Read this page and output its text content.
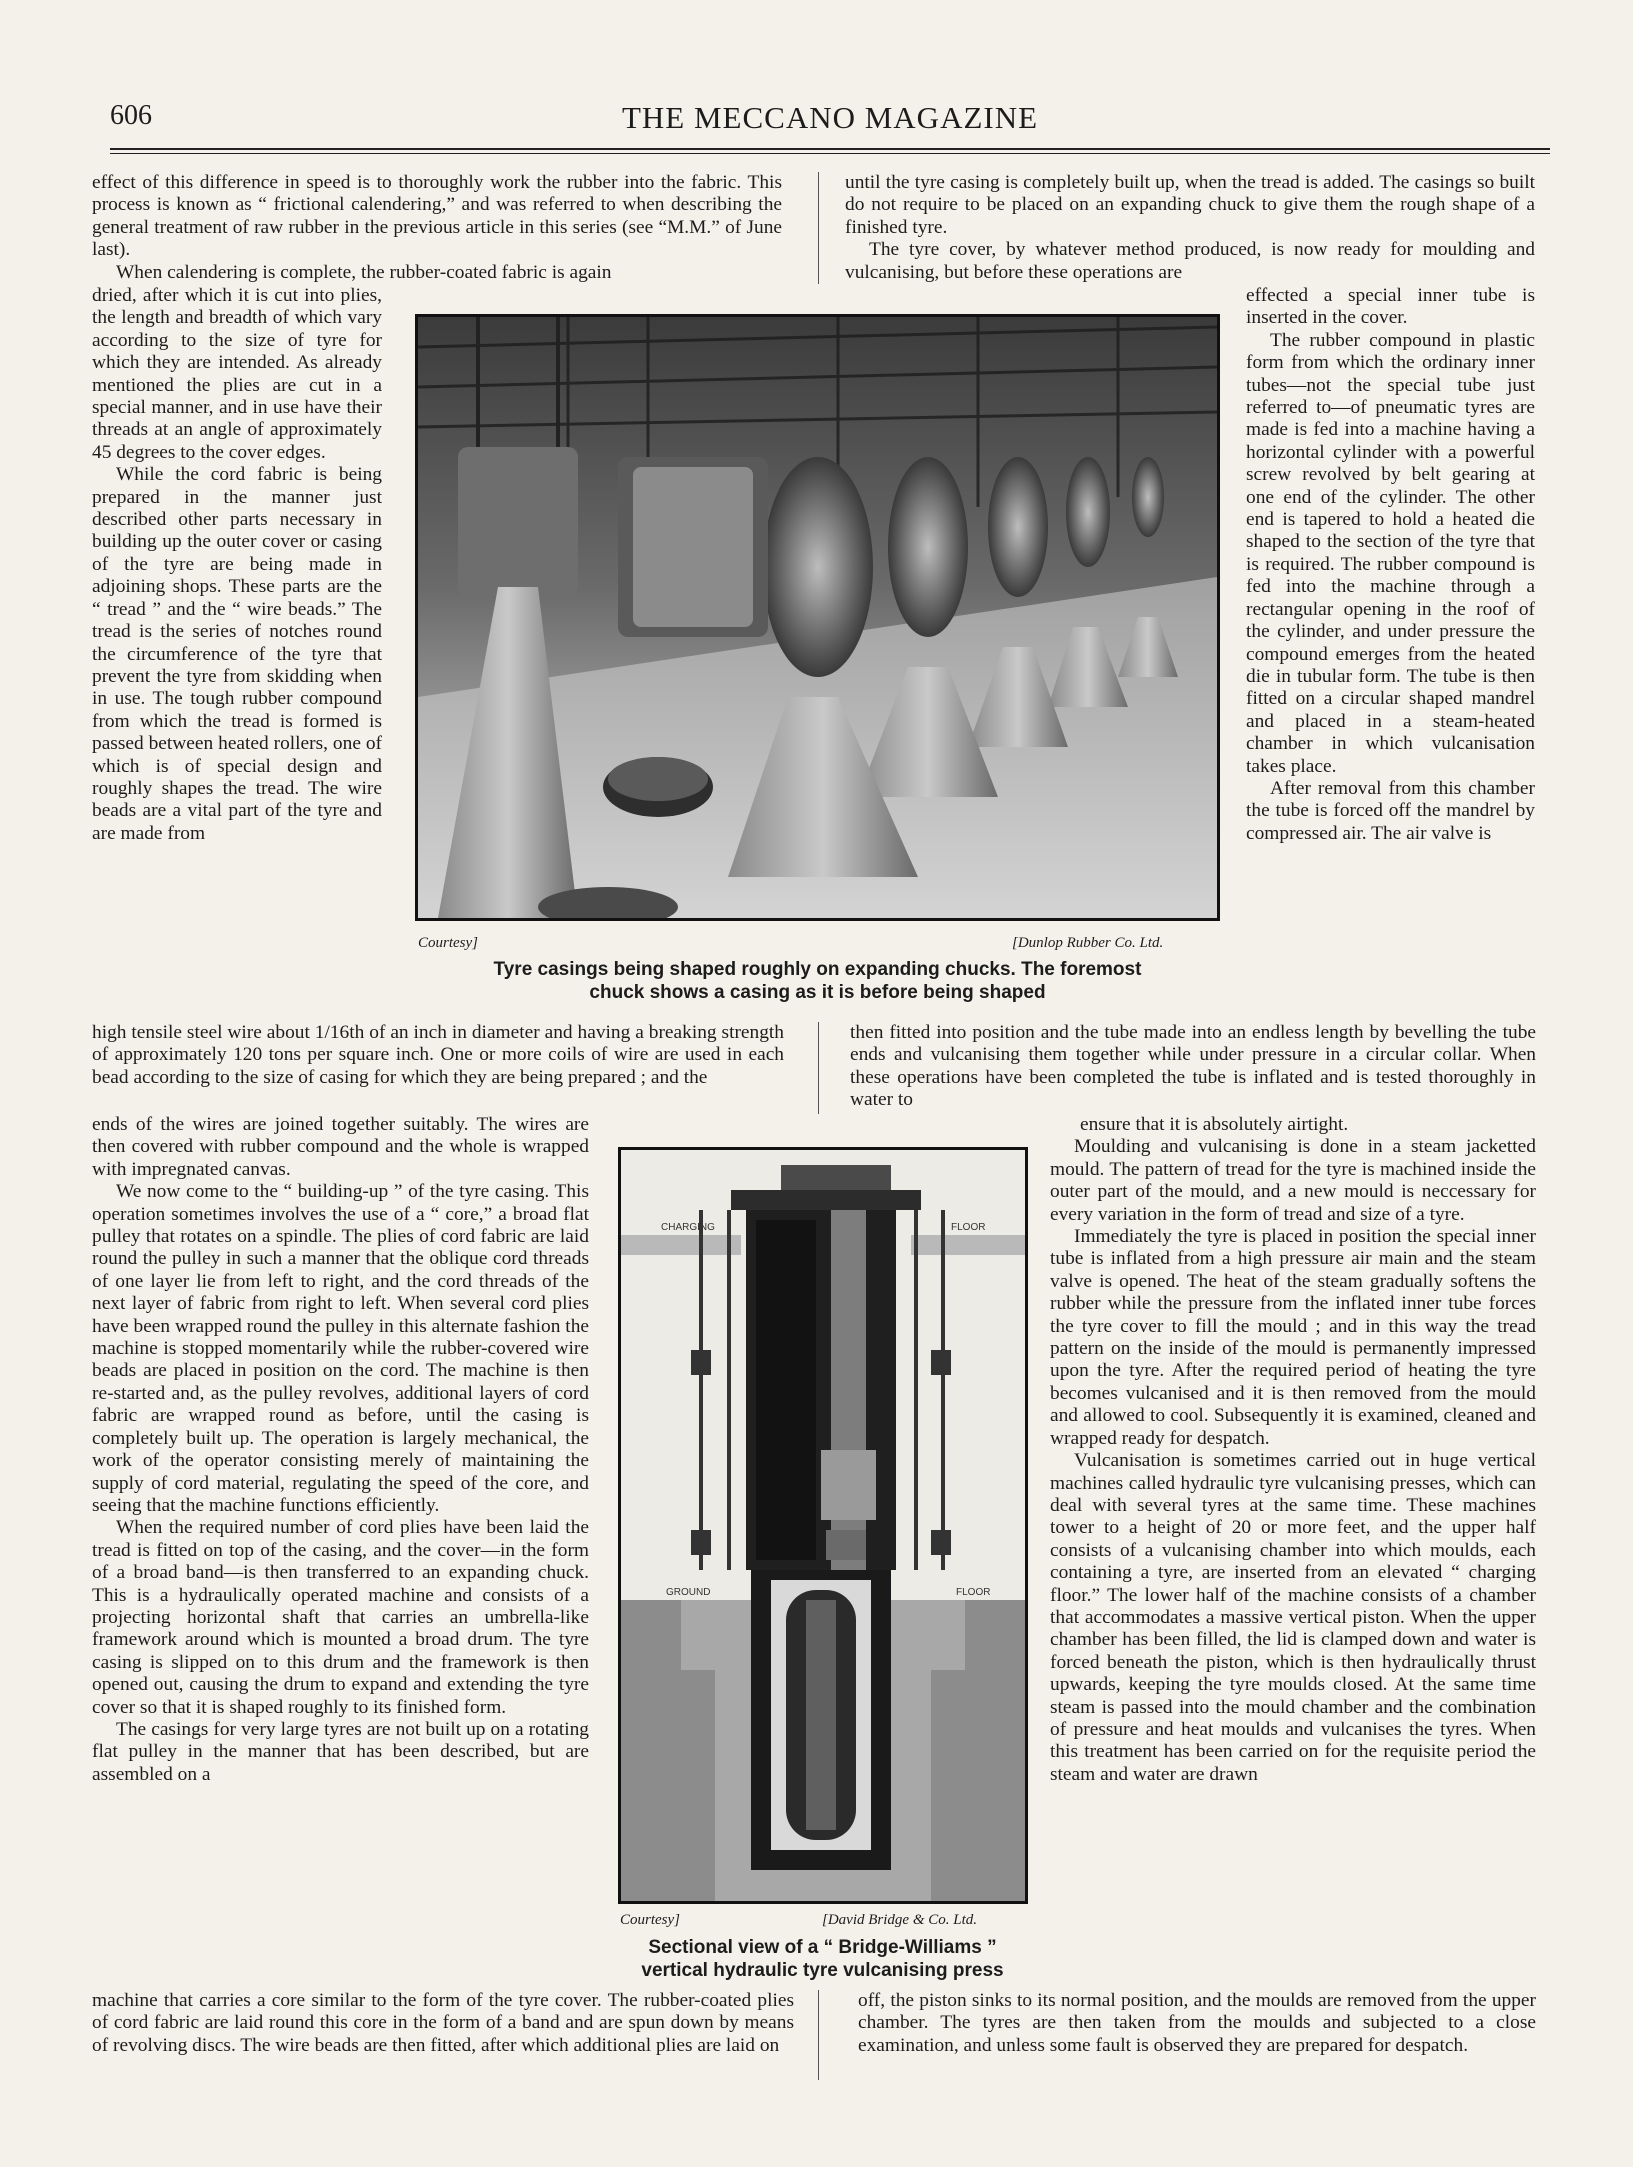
606	THE MECCANO MAGAZINE

effect of this difference in speed is to thoroughly work the rubber into the fabric. This process is known as “ frictional calendering,” and was referred to when describing the general treatment of raw rubber in the previous article in this series (see “M.M.” of June last).

When calendering is complete, the rubber-coated fabric is again

dried, after which it is cut into plies, the length and breadth of which vary according to the size of tyre for which they are intended. As already mentioned the plies are cut in a special manner, and in use have their threads at an angle of approximately 45 degrees to the cover edges.

While the cord fabric is being prepared in the manner just described other parts necessary in building up the outer cover or casing of the tyre are being made in adjoining shops. These parts are the “ tread ” and the “ wire beads.” The tread is the series of notches round the circumference of the tyre that prevent the tyre from skidding when in use. The tough rubber compound from which the tread is formed is passed between heated rollers, one of which is of special design and roughly shapes the tread. The wire beads are a vital part of the tyre and are made from

high tensile steel wire about 1/16th of an inch in diameter and having a breaking strength of approximately 120 tons per square inch. One or more coils of wire are used in each bead according to the size of casing for which they are being prepared ; and the

ends of the wires are joined together suitably. The wires are then covered with rubber compound and the whole is wrapped with impregnated canvas.

We now come to the “ building-up ” of the tyre casing. This operation sometimes involves the use of a “ core,” a broad flat pulley that rotates on a spindle. The plies of cord fabric are laid round the pulley in such a manner that the oblique cord threads of one layer lie from left to right, and the cord threads of the next layer of fabric from right to left. When several cord plies have been wrapped round the pulley in this alternate fashion the machine is stopped momentarily while the rubber-covered wire beads are placed in position on the cord. The machine is then re-started and, as the pulley revolves, additional layers of cord fabric are wrapped round as before, until the casing is completely built up. The operation is largely mechanical, the work of the operator consisting merely of maintaining the supply of cord material, regulating the speed of the core, and seeing that the machine functions efficiently.

When the required number of cord plies have been laid the tread is fitted on top of the casing, and the cover—in the form of a broad band—is then transferred to an expanding chuck. This is a hydraulically operated machine and consists of a projecting horizontal shaft that carries an umbrella-like framework around which is mounted a broad drum. The tyre casing is slipped on to this drum and the framework is then opened out, causing the drum to expand and extending the tyre cover so that it is shaped roughly to its finished form.

The casings for very large tyres are not built up on a rotating flat pulley in the manner that has been described, but are assembled on a

machine that carries a core similar to the form of the tyre cover. The rubber-coated plies of cord fabric are laid round this core in the form of a band and are spun down by means of revolving discs. The wire beads are then fitted, after which additional plies are laid on

until the tyre casing is completely built up, when the tread is added. The casings so built do not require to be placed on an expanding chuck to give them the rough shape of a finished tyre.

The tyre cover, by whatever method produced, is now ready for moulding and vulcanising, but before these operations are

effected a special inner tube is inserted in the cover.

The rubber compound in plastic form from which the ordinary inner tubes—not the special tube just referred to—of pneumatic tyres are made is fed into a machine having a horizontal cylinder with a powerful screw revolved by belt gearing at one end of the cylinder. The other end is tapered to hold a heated die shaped to the section of the tyre that is required. The rubber compound is fed into the machine through a rectangular opening in the roof of the cylinder, and under pressure the compound emerges from the heated die in tubular form. The tube is then fitted on a circular shaped mandrel and placed in a steam-heated chamber in which vulcanisation takes place.

After removal from this chamber the tube is forced off the mandrel by compressed air. The air valve is

then fitted into position and the tube made into an endless length by bevelling the tube ends and vulcanising them together while under pressure in a circular collar. When these operations have been completed the tube is inflated and is tested thoroughly in water to

ensure that it is absolutely airtight.

Moulding and vulcanising is done in a steam jacketted mould. The pattern of tread for the tyre is machined inside the outer part of the mould, and a new mould is neccessary for every variation in the form of tread and size of a tyre.

Immediately the tyre is placed in position the special inner tube is inflated from a high pressure air main and the steam valve is opened. The heat of the steam gradually softens the rubber while the pressure from the inflated inner tube forces the tyre cover to fill the mould ; and in this way the tread pattern on the inside of the mould is permanently impressed upon the tyre. After the required period of heating the tyre becomes vulcanised and it is then removed from the mould and allowed to cool. Subsequently it is examined, cleaned and wrapped ready for despatch.

Vulcanisation is sometimes carried out in huge vertical machines called hydraulic tyre vulcanising presses, which can deal with several tyres at the same time. These machines tower to a height of 20 or more feet, and the upper half consists of a vulcanising chamber into which moulds, each containing a tyre, are inserted from an elevated “ charging floor.” The lower half of the machine consists of a chamber that accommodates a massive vertical piston. When the upper chamber has been filled, the lid is clamped down and water is forced beneath the piston, which is then hydraulically thrust upwards, keeping the tyre moulds closed. At the same time steam is passed into the mould chamber and the combination of pressure and heat moulds and vulcanises the tyres. When this treatment has been carried on for the requisite period the steam and water are drawn

off, the piston sinks to its normal position, and the moulds are removed from the upper chamber. The tyres are then taken from the moulds and subjected to a close examination, and unless some fault is observed they are prepared for despatch.

Courtesy]	[Dunlop Rubber Co. Ltd.
Tyre casings being shaped roughly on expanding chucks. The foremost
chuck shows a casing as it is before being shaped
CHARGING	FLOOR
GROUND	FLOOR
Courtesy]	[David Bridge & Co. Ltd.
Sectional view of a “ Bridge-Williams ”
vertical hydraulic tyre vulcanising press
